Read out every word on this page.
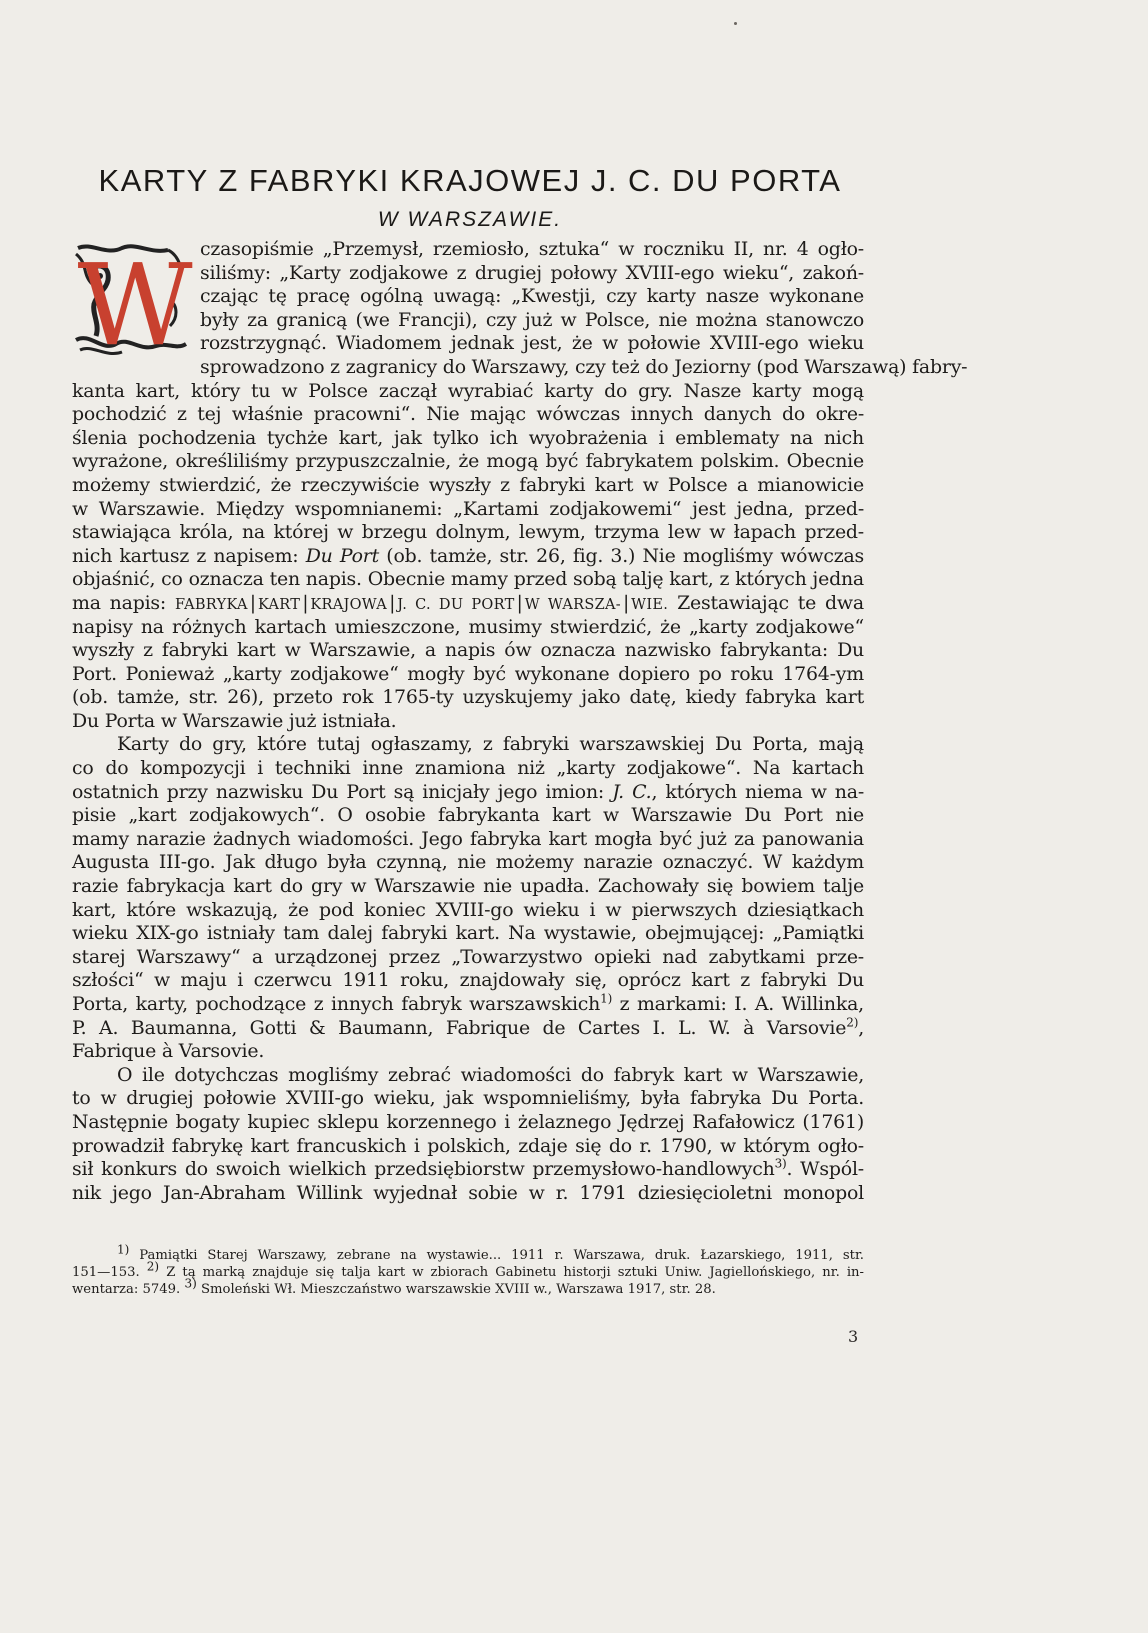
KARTY Z FABRYKI KRAJOWEJ J. C. DU PORTA
W WARSZAWIE.
W czasopiśmie „Przemysł, rzemiosło, sztuka“ w roczniku II, nr. 4 ogło-
siliśmy: „Karty zodjakowe z drugiej połowy XVIII-ego wieku“, zakoń-
czając tę pracę ogólną uwagą: „Kwestji, czy karty nasze wykonane
były za granicą (we Francji), czy już w Polsce, nie można stanowczo
rozstrzygnąć. Wiadomem jednak jest, że w połowie XVIII-ego wieku
sprowadzono z zagranicy do Warszawy, czy też do Jeziorny (pod Warszawą) fabry-
kanta kart, który tu w Polsce zaczął wyrabiać karty do gry. Nasze karty mogą
pochodzić z tej właśnie pracowni“. Nie mając wówczas innych danych do okre-
ślenia pochodzenia tychże kart, jak tylko ich wyobrażenia i emblematy na nich
wyrażone, określiliśmy przypuszczalnie, że mogą być fabrykatem polskim. Obecnie
możemy stwierdzić, że rzeczywiście wyszły z fabryki kart w Polsce a mianowicie
w Warszawie. Między wspomnianemi: „Kartami zodjakowemi“ jest jedna, przed-
stawiająca króla, na której w brzegu dolnym, lewym, trzyma lew w łapach przed-
nich kartusz z napisem: Du Port (ob. tamże, str. 26, fig. 3.) Nie mogliśmy wówczas
objaśnić, co oznacza ten napis. Obecnie mamy przed sobą talję kart, z których jedna
ma napis: FABRYKA | KART | KRAJOWA | J. C. DU PORT | W WARSZA- | WIE. Zestawiając te dwa
napisy na różnych kartach umieszczone, musimy stwierdzić, że „karty zodjakowe“
wyszły z fabryki kart w Warszawie, a napis ów oznacza nazwisko fabrykanta: Du
Port. Ponieważ „karty zodjakowe“ mogły być wykonane dopiero po roku 1764-ym
(ob. tamże, str. 26), przeto rok 1765-ty uzyskujemy jako datę, kiedy fabryka kart
Du Porta w Warszawie już istniała.
Karty do gry, które tutaj ogłaszamy, z fabryki warszawskiej Du Porta, mają
co do kompozycji i techniki inne znamiona niż „karty zodjakowe“. Na kartach
ostatnich przy nazwisku Du Port są inicjały jego imion: J. C., których niema w na-
pisie „kart zodjakowych“. O osobie fabrykanta kart w Warszawie Du Port nie
mamy narazie żadnych wiadomości. Jego fabryka kart mogła być już za panowania
Augusta III-go. Jak długo była czynną, nie możemy narazie oznaczyć. W każdym
razie fabrykacja kart do gry w Warszawie nie upadła. Zachowały się bowiem talje
kart, które wskazują, że pod koniec XVIII-go wieku i w pierwszych dziesiątkach
wieku XIX-go istniały tam dalej fabryki kart. Na wystawie, obejmującej: „Pamiątki
starej Warszawy“ a urządzonej przez „Towarzystwo opieki nad zabytkami prze-
szłości“ w maju i czerwcu 1911 roku, znajdowały się, oprócz kart z fabryki Du
Porta, karty, pochodzące z innych fabryk warszawskich$^{1)}$ z markami: I. A. Willinka,
P. A. Baumanna, Gotti & Baumann, Fabrique de Cartes I. L. W. à Varsovie$^{2)}$,
Fabrique à Varsovie.
O ile dotychczas mogliśmy zebrać wiadomości do fabryk kart w Warszawie,
to w drugiej połowie XVIII-go wieku, jak wspomnieliśmy, była fabryka Du Porta.
Następnie bogaty kupiec sklepu korzennego i żelaznego Jędrzej Rafałowicz (1761)
prowadził fabrykę kart francuskich i polskich, zdaje się do r. 1790, w którym ogło-
sił konkurs do swoich wielkich przedsiębiorstw przemysłowo-handlowych$^{3)}$. Wspól-
nik jego Jan-Abraham Willink wyjednał sobie w r. 1791 dziesięcioletni monopol
$^{1)}$ Pamiątki Starej Warszawy, zebrane na wystawie... 1911 r. Warszawa, druk. Łazarskiego, 1911, str.
151—153. $^{2)}$ Z tą marką znajduje się talja kart w zbiorach Gabinetu historji sztuki Uniw. Jagiellońskiego, nr. in-
wentarza: 5749. $^{3)}$ Smoleński Wł. Mieszczaństwo warszawskie XVIII w., Warszawa 1917, str. 28.
3
